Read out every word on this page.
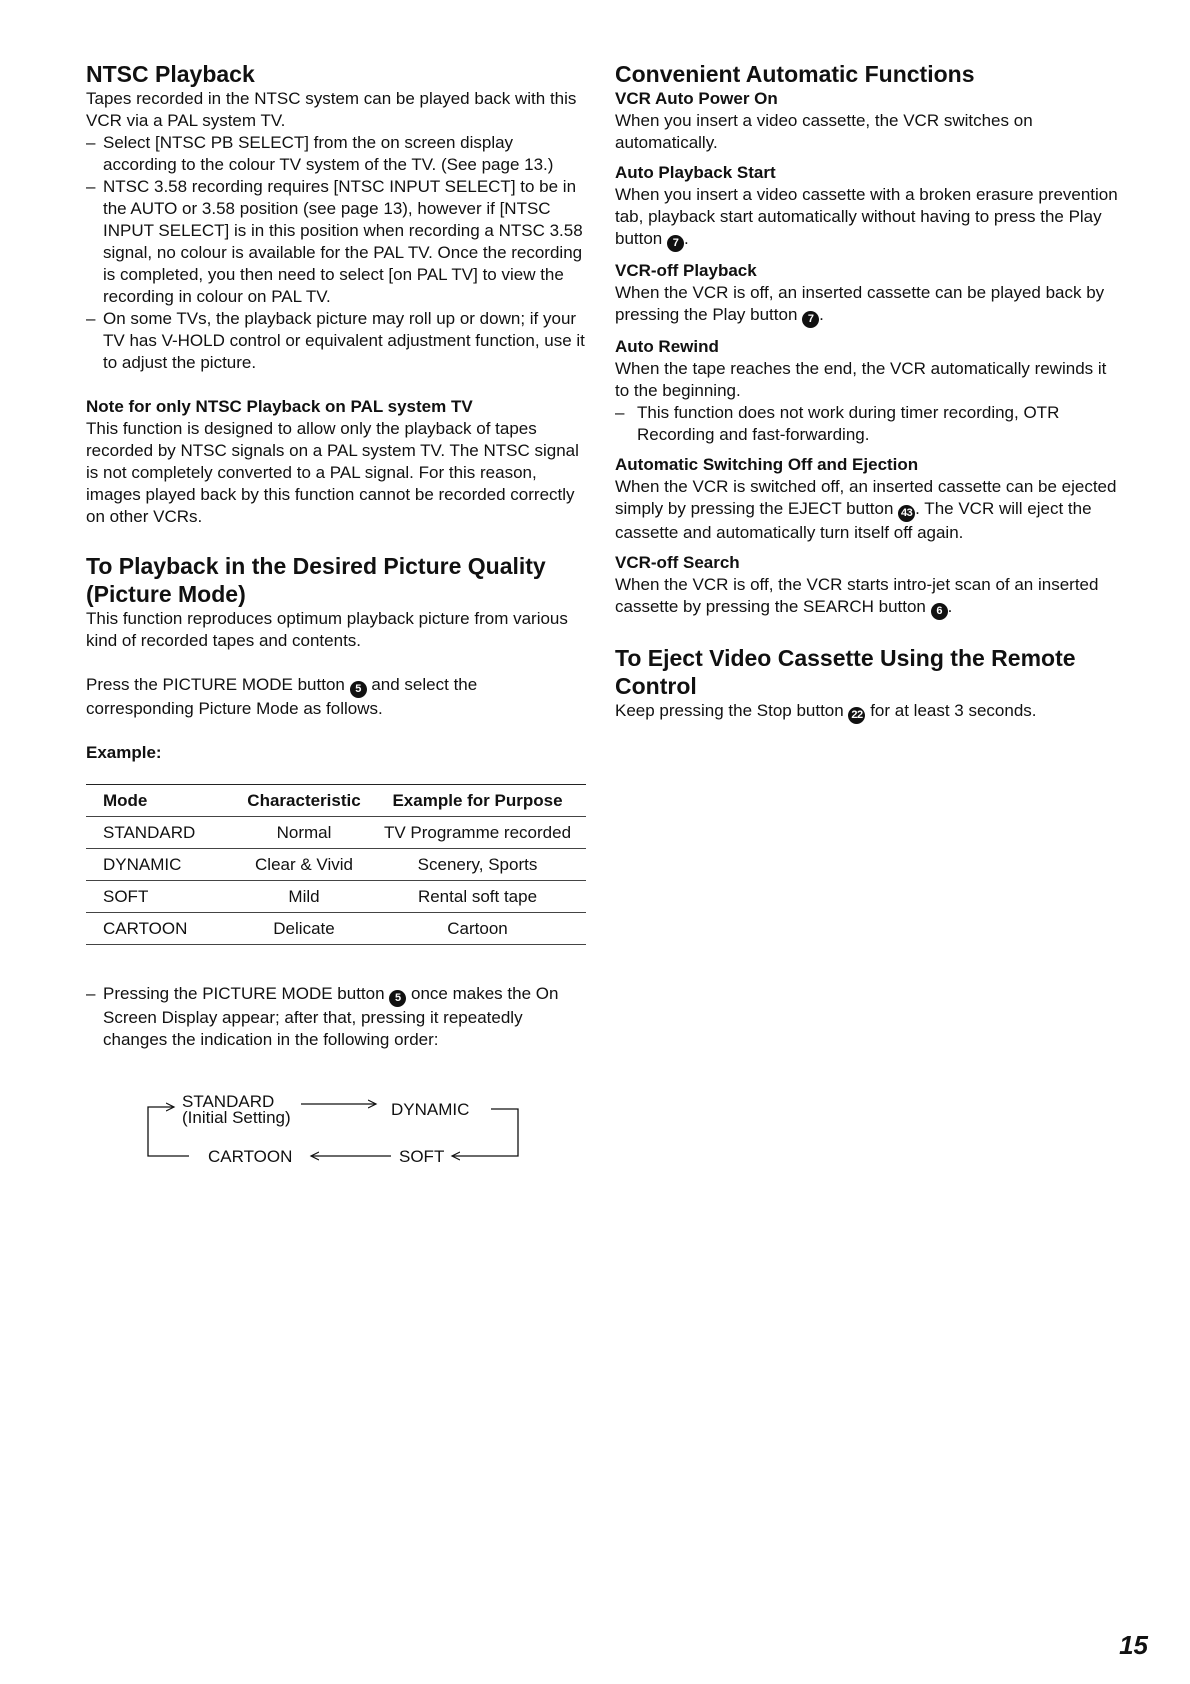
NTSC Playback

Tapes recorded in the NTSC system can be played back with this VCR via a PAL system TV.

– Select [NTSC PB SELECT] from the on screen display according to the colour TV system of the TV. (See page 13.)
– NTSC 3.58 recording requires [NTSC INPUT SELECT] to be in the AUTO or 3.58 position (see page 13), however if [NTSC INPUT SELECT] is in this position when recording a NTSC 3.58 signal, no colour is available for the PAL TV. Once the recording is completed, you then need to select [on PAL TV] to view the recording in colour on PAL TV.
– On some TVs, the playback picture may roll up or down; if your TV has V-HOLD control or equivalent adjustment function, use it to adjust the picture.
Note for only NTSC Playback on PAL system TV

This function is designed to allow only the playback of tapes recorded by NTSC signals on a PAL system TV. The NTSC signal is not completely converted to a PAL signal. For this reason, images played back by this function cannot be recorded correctly on other VCRs.

To Playback in the Desired Picture Quality (Picture Mode)

This function reproduces optimum playback picture from various kind of recorded tapes and contents.

Press the PICTURE MODE button 5 and select the corresponding Picture Mode as follows.

Example:
Mode	Characteristic	Example for Purpose
STANDARD	Normal	TV Programme recorded
DYNAMIC	Clear & Vivid	Scenery, Sports
SOFT	Mild	Rental soft tape
CARTOON	Delicate	Cartoon
– Pressing the PICTURE MODE button 5 once makes the On Screen Display appear; after that, pressing it repeatedly changes the indication in the following order:
STANDARD
(Initial Setting)	DYNAMIC
SOFT
CARTOON
Convenient Automatic Functions
VCR Auto Power On

When you insert a video cassette, the VCR switches on automatically.

Auto Playback Start

When you insert a video cassette with a broken erasure prevention tab, playback start automatically without having to press the Play button 7 .

VCR-off Playback

When the VCR is off, an inserted cassette can be played back by pressing the Play button 7 .

Auto Rewind

When the tape reaches the end, the VCR automatically rewinds it to the beginning.

– This function does not work during timer recording, OTR Recording and fast-forwarding.
Automatic Switching Off and Ejection

When the VCR is switched off, an inserted cassette can be ejected simply by pressing the EJECT button 43 . The VCR will eject the cassette and automatically turn itself off again.

VCR-off Search

When the VCR is off, the VCR starts intro-jet scan of an inserted cassette by pressing the SEARCH button 6 .

To Eject Video Cassette Using the Remote Control

Keep pressing the Stop button 22 for at least 3 seconds.

15
